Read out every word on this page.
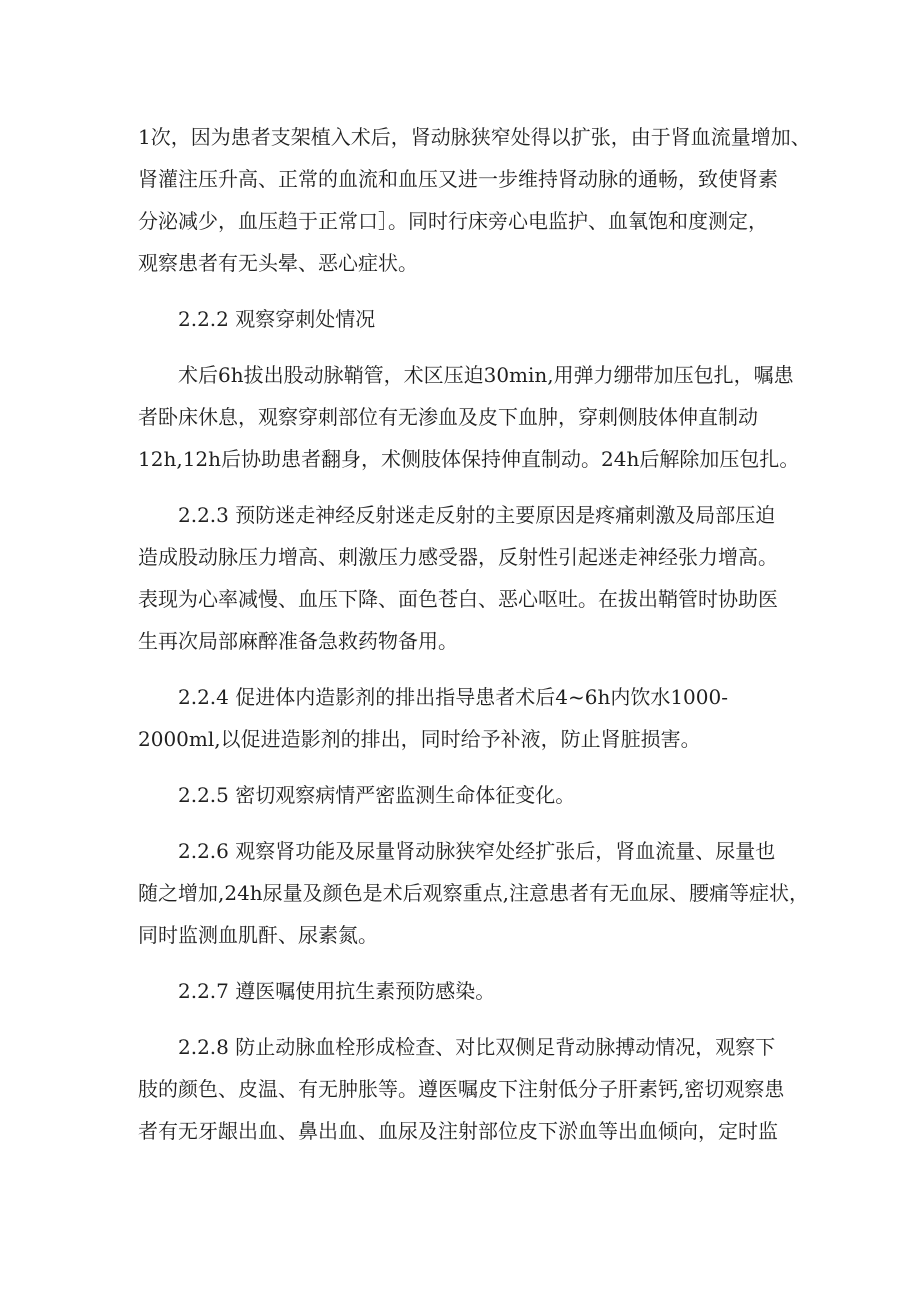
1次，因为患者支架植入术后，肾动脉狭窄处得以扩张，由于肾血流量增加、
肾灌注压升高、正常的血流和血压又进一步维持肾动脉的通畅，致使肾素
分泌减少，血压趋于正常口］。同时行床旁心电监护、血氧饱和度测定，
观察患者有无头晕、恶心症状。
2.2.2 观察穿刺处情况
术后6h拔出股动脉鞘管，术区压迫30min,用弹力绷带加压包扎，嘱患
者卧床休息，观察穿刺部位有无渗血及皮下血肿，穿刺侧肢体伸直制动
12h,12h后协助患者翻身，术侧肢体保持伸直制动。24h后解除加压包扎。
2.2.3 预防迷走神经反射迷走反射的主要原因是疼痛刺激及局部压迫
造成股动脉压力增高、刺激压力感受器，反射性引起迷走神经张力增高。
表现为心率减慢、血压下降、面色苍白、恶心呕吐。在拔出鞘管时协助医
生再次局部麻醉准备急救药物备用。
2.2.4 促进体内造影剂的排出指导患者术后4~6h内饮水1000-
2000ml,以促进造影剂的排出，同时给予补液，防止肾脏损害。
2.2.5 密切观察病情严密监测生命体征变化。
2.2.6 观察肾功能及尿量肾动脉狭窄处经扩张后，肾血流量、尿量也
随之增加,24h尿量及颜色是术后观察重点,注意患者有无血尿、腰痛等症状，
同时监测血肌酐、尿素氮。
2.2.7 遵医嘱使用抗生素预防感染。
2.2.8 防止动脉血栓形成检查、对比双侧足背动脉搏动情况，观察下
肢的颜色、皮温、有无肿胀等。遵医嘱皮下注射低分子肝素钙,密切观察患
者有无牙龈出血、鼻出血、血尿及注射部位皮下淤血等出血倾向，定时监
